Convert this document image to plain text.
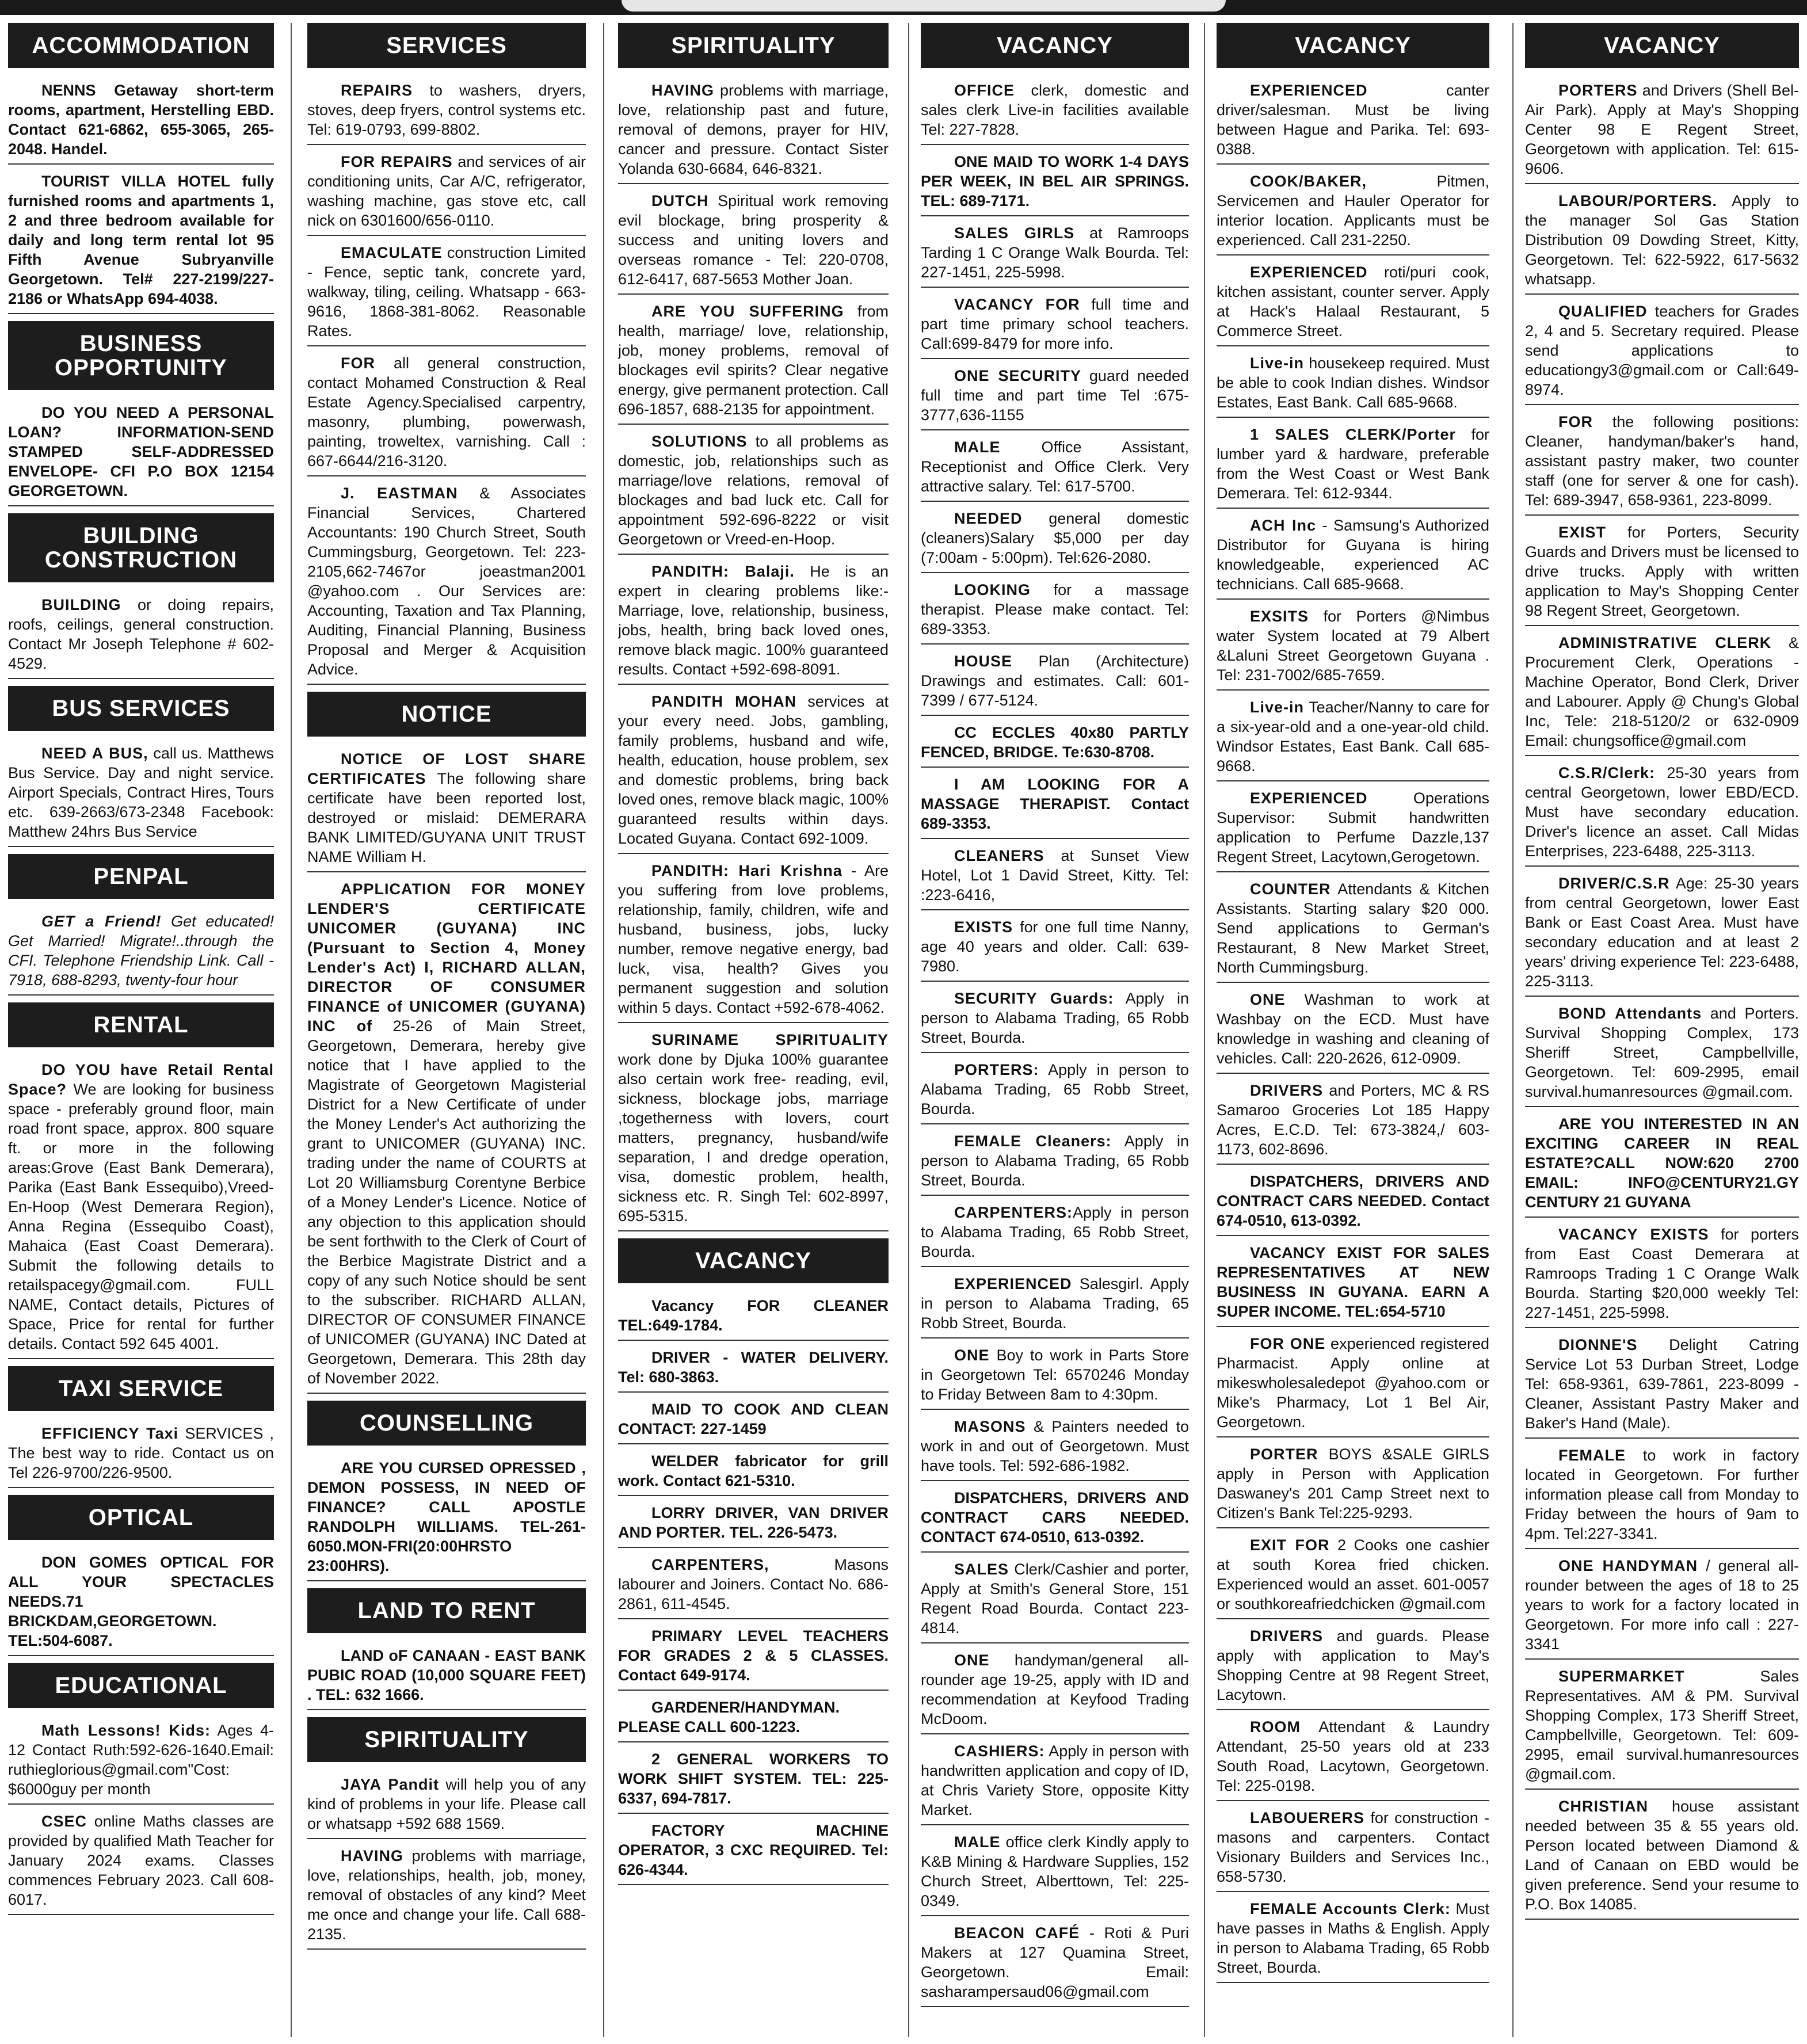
ACCOMMODATION
NENNS Getaway short-term rooms, apartment, Herstelling EBD. Contact 621-6862, 655-3065, 265-2048. Handel.
TOURIST VILLA HOTEL fully furnished rooms and apartments 1, 2 and three bedroom available for daily and long term rental lot 95 Fifth Avenue Subryanville Georgetown. Tel# 227-2199/227-2186 or WhatsApp 694-4038.
BUSINESS OPPORTUNITY
DO YOU NEED A PERSONAL LOAN? INFORMATION-SEND STAMPED SELF-ADDRESSED ENVELOPE- CFI P.O BOX 12154 GEORGETOWN.
BUILDING CONSTRUCTION
BUILDING or doing repairs, roofs, ceilings, general construction. Contact Mr Joseph Telephone # 602-4529.
BUS SERVICES
NEED A BUS, call us. Matthews Bus Service. Day and night service. Airport Specials, Contract Hires, Tours etc. 639-2663/673-2348 Facebook: Matthew 24hrs Bus Service
PENPAL
GET a Friend! Get educated! Get Married! Migrate!..through the CFI. Telephone Friendship Link. Call - 7918, 688-8293, twenty-four hour
RENTAL
DO YOU have Retail Rental Space? We are looking for business space - preferably ground floor, main road front space, approx. 800 square ft. or more in the following areas:Grove (East Bank Demerara), Parika (East Bank Essequibo),Vreed-En-Hoop (West Demerara Region), Anna Regina (Essequibo Coast), Mahaica (East Coast Demerara). Submit the following details to retailspacegy@gmail.com. FULL NAME, Contact details, Pictures of Space, Price for rental for further details. Contact 592 645 4001.
TAXI SERVICE
EFFICIENCY Taxi SERVICES , The best way to ride. Contact us on Tel 226-9700/226-9500.
OPTICAL
DON GOMES OPTICAL FOR ALL YOUR SPECTACLES NEEDS.71 BRICKDAM,GEORGETOWN. TEL:504-6087.
EDUCATIONAL
Math Lessons! Kids: Ages 4-12 Contact Ruth:592-626-1640.Email: ruthieglorious@gmail.com"Cost: $6000guy per month
CSEC online Maths classes are provided by qualified Math Teacher for January 2024 exams. Classes commences February 2023. Call 608-6017.
SERVICES
REPAIRS to washers, dryers, stoves, deep fryers, control systems etc. Tel: 619-0793, 699-8802.
FOR REPAIRS and services of air conditioning units, Car A/C, refrigerator, washing machine, gas stove etc, call nick on 6301600/656-0110.
EMACULATE construction Limited - Fence, septic tank, concrete yard, walkway, tiling, ceiling. Whatsapp - 663-9616, 1868-381-8062. Reasonable Rates.
FOR all general construction, contact Mohamed Construction & Real Estate Agency.Specialised carpentry, masonry, plumbing, powerwash, painting, troweltex, varnishing. Call : 667-6644/216-3120.
J. EASTMAN & Associates Financial Services, Chartered Accountants: 190 Church Street, South Cummingsburg, Georgetown. Tel: 223-2105,662-7467or joeastman2001 @yahoo.com . Our Services are: Accounting, Taxation and Tax Planning, Auditing, Financial Planning, Business Proposal and Merger & Acquisition Advice.
NOTICE
NOTICE OF LOST SHARE CERTIFICATES The following share certificate have been reported lost, destroyed or mislaid: DEMERARA BANK LIMITED/GUYANA UNIT TRUST NAME William H.
APPLICATION FOR MONEY LENDER'S CERTIFICATE UNICOMER (GUYANA) INC (Pursuant to Section 4, Money Lender's Act) I, RICHARD ALLAN, DIRECTOR OF CONSUMER FINANCE of UNICOMER (GUYANA) INC of 25-26 of Main Street, Georgetown, Demerara, hereby give notice that I have applied to the Magistrate of Georgetown Magisterial District for a New Certificate of under the Money Lender's Act authorizing the grant to UNICOMER (GUYANA) INC. trading under the name of COURTS at Lot 20 Williamsburg Corentyne Berbice of a Money Lender's Licence. Notice of any objection to this application should be sent forthwith to the Clerk of Court of the Berbice Magistrate District and a copy of any such Notice should be sent to the subscriber. RICHARD ALLAN, DIRECTOR OF CONSUMER FINANCE of UNICOMER (GUYANA) INC Dated at Georgetown, Demerara. This 28th day of November 2022.
COUNSELLING
ARE YOU CURSED OPRESSED , DEMON POSSESS, IN NEED OF FINANCE? CALL APOSTLE RANDOLPH WILLIAMS. TEL-261-6050.MON-FRI(20:00HRSTO 23:00HRS).
LAND TO RENT
LAND oF CANAAN - EAST BANK PUBIC ROAD (10,000 SQUARE FEET) . TEL: 632 1666.
SPIRITUALITY
JAYA Pandit will help you of any kind of problems in your life. Please call or whatsapp +592 688 1569.
HAVING problems with marriage, love, relationships, health, job, money, removal of obstacles of any kind? Meet me once and change your life. Call 688-2135.
SPIRITUALITY
HAVING problems with marriage, love, relationship past and future, removal of demons, prayer for HIV, cancer and pressure. Contact Sister Yolanda 630-6684, 646-8321.
DUTCH Spiritual work removing evil blockage, bring prosperity & success and uniting lovers and overseas romance - Tel: 220-0708, 612-6417, 687-5653 Mother Joan.
ARE YOU SUFFERING from health, marriage/ love, relationship, job, money problems, removal of blockages evil spirits? Clear negative energy, give permanent protection. Call 696-1857, 688-2135 for appointment.
SOLUTIONS to all problems as domestic, job, relationships such as marriage/love relations, removal of blockages and bad luck etc. Call for appointment 592-696-8222 or visit Georgetown or Vreed-en-Hoop.
PANDITH: Balaji. He is an expert in clearing problems like:- Marriage, love, relationship, business, jobs, health, bring back loved ones, remove black magic. 100% guaranteed results. Contact +592-698-8091.
PANDITH MOHAN services at your every need. Jobs, gambling, family problems, husband and wife, health, education, house problem, sex and domestic problems, bring back loved ones, remove black magic, 100% guaranteed results within days. Located Guyana. Contact 692-1009.
PANDITH: Hari Krishna - Are you suffering from love problems, relationship, family, children, wife and husband, business, jobs, lucky number, remove negative energy, bad luck, visa, health? Gives you permanent suggestion and solution within 5 days. Contact +592-678-4062.
SURINAME SPIRITUALITY work done by Djuka 100% guarantee also certain work free- reading, evil, sickness, blockage jobs, marriage ,togetherness with lovers, court matters, pregnancy, husband/wife separation, I and dredge operation, visa, domestic problem, health, sickness etc. R. Singh Tel: 602-8997, 695-5315.
VACANCY
Vacancy FOR CLEANER TEL:649-1784.
DRIVER - WATER DELIVERY. Tel: 680-3863.
MAID TO COOK AND CLEAN CONTACT: 227-1459
WELDER fabricator for grill work. Contact 621-5310.
LORRY DRIVER, VAN DRIVER AND PORTER. TEL. 226-5473.
CARPENTERS, Masons labourer and Joiners. Contact No. 686-2861, 611-4545.
PRIMARY LEVEL TEACHERS FOR GRADES 2 & 5 CLASSES. Contact 649-9174.
GARDENER/HANDYMAN. PLEASE CALL 600-1223.
2 GENERAL WORKERS TO WORK SHIFT SYSTEM. TEL: 225-6337, 694-7817.
FACTORY MACHINE OPERATOR, 3 CXC REQUIRED. Tel: 626-4344.
VACANCY
OFFICE clerk, domestic and sales clerk Live-in facilities available Tel: 227-7828.
ONE MAID TO WORK 1-4 DAYS PER WEEK, IN BEL AIR SPRINGS. TEL: 689-7171.
SALES GIRLS at Ramroops Tarding 1 C Orange Walk Bourda. Tel: 227-1451, 225-5998.
VACANCY FOR full time and part time primary school teachers. Call:699-8479 for more info.
ONE SECURITY guard needed full time and part time Tel :675-3777,636-1155
MALE Office Assistant, Receptionist and Office Clerk. Very attractive salary. Tel: 617-5700.
NEEDED general domestic (cleaners)Salary $5,000 per day (7:00am - 5:00pm). Tel:626-2080.
LOOKING for a massage therapist. Please make contact. Tel: 689-3353.
HOUSE Plan (Architecture) Drawings and estimates. Call: 601-7399 / 677-5124.
CC ECCLES 40x80 PARTLY FENCED, BRIDGE. Te:630-8708.
I AM LOOKING FOR A MASSAGE THERAPIST. Contact 689-3353.
CLEANERS at Sunset View Hotel, Lot 1 David Street, Kitty. Tel: :223-6416,
EXISTS for one full time Nanny, age 40 years and older. Call: 639-7980.
SECURITY Guards: Apply in person to Alabama Trading, 65 Robb Street, Bourda.
PORTERS: Apply in person to Alabama Trading, 65 Robb Street, Bourda.
FEMALE Cleaners: Apply in person to Alabama Trading, 65 Robb Street, Bourda.
CARPENTERS:Apply in person to Alabama Trading, 65 Robb Street, Bourda.
EXPERIENCED Salesgirl. Apply in person to Alabama Trading, 65 Robb Street, Bourda.
ONE Boy to work in Parts Store in Georgetown Tel: 6570246 Monday to Friday Between 8am to 4:30pm.
MASONS & Painters needed to work in and out of Georgetown. Must have tools. Tel: 592-686-1982.
DISPATCHERS, DRIVERS AND CONTRACT CARS NEEDED. CONTACT 674-0510, 613-0392.
SALES Clerk/Cashier and porter, Apply at Smith's General Store, 151 Regent Road Bourda. Contact 223-4814.
ONE handyman/general all-rounder age 19-25, apply with ID and recommendation at Keyfood Trading McDoom.
CASHIERS: Apply in person with handwritten application and copy of ID, at Chris Variety Store, opposite Kitty Market.
MALE office clerk Kindly apply to K&B Mining & Hardware Supplies, 152 Church Street, Alberttown, Tel: 225-0349.
BEACON CAFÉ - Roti & Puri Makers at 127 Quamina Street, Georgetown. Email: sasharampersaud06@gmail.com
VACANCY
EXPERIENCED canter driver/salesman. Must be living between Hague and Parika. Tel: 693-0388.
COOK/BAKER, Pitmen, Servicemen and Hauler Operator for interior location. Applicants must be experienced. Call 231-2250.
EXPERIENCED roti/puri cook, kitchen assistant, counter server. Apply at Hack's Halaal Restaurant, 5 Commerce Street.
Live-in housekeep required. Must be able to cook Indian dishes. Windsor Estates, East Bank. Call 685-9668.
1 SALES CLERK/Porter for lumber yard & hardware, preferable from the West Coast or West Bank Demerara. Tel: 612-9344.
ACH Inc - Samsung's Authorized Distributor for Guyana is hiring knowledgeable, experienced AC technicians. Call 685-9668.
EXSITS for Porters @Nimbus water System located at 79 Albert &Laluni Street Georgetown Guyana . Tel: 231-7002/685-7659.
Live-in Teacher/Nanny to care for a six-year-old and a one-year-old child. Windsor Estates, East Bank. Call 685-9668.
EXPERIENCED Operations Supervisor: Submit handwritten application to Perfume Dazzle,137 Regent Street, Lacytown,Gerogetown.
COUNTER Attendants & Kitchen Assistants. Starting salary $20 000. Send applications to German's Restaurant, 8 New Market Street, North Cummingsburg.
ONE Washman to work at Washbay on the ECD. Must have knowledge in washing and cleaning of vehicles. Call: 220-2626, 612-0909.
DRIVERS and Porters, MC & RS Samaroo Groceries Lot 185 Happy Acres, E.C.D. Tel: 673-3824,/ 603-1173, 602-8696.
DISPATCHERS, DRIVERS AND CONTRACT CARS NEEDED. Contact 674-0510, 613-0392.
VACANCY EXIST FOR SALES REPRESENTATIVES AT NEW BUSINESS IN GUYANA. EARN A SUPER INCOME. TEL:654-5710
FOR ONE experienced registered Pharmacist. Apply online at mikeswholesaledepot @yahoo.com or Mike's Pharmacy, Lot 1 Bel Air, Georgetown.
PORTER BOYS &SALE GIRLS apply in Person with Application Daswaney's 201 Camp Street next to Citizen's Bank Tel:225-9293.
EXIT FOR 2 Cooks one cashier at south Korea fried chicken. Experienced would an asset. 601-0057 or southkoreafriedchicken @gmail.com
DRIVERS and guards. Please apply with application to May's Shopping Centre at 98 Regent Street, Lacytown.
ROOM Attendant & Laundry Attendant, 25-50 years old at 233 South Road, Lacytown, Georgetown. Tel: 225-0198.
LABOUERERS for construction - masons and carpenters. Contact Visionary Builders and Services Inc., 658-5730.
FEMALE Accounts Clerk: Must have passes in Maths & English. Apply in person to Alabama Trading, 65 Robb Street, Bourda.
VACANCY
PORTERS and Drivers (Shell Bel-Air Park). Apply at May's Shopping Center 98 E Regent Street, Georgetown with application. Tel: 615-9606.
LABOUR/PORTERS. Apply to the manager Sol Gas Station Distribution 09 Dowding Street, Kitty, Georgetown. Tel: 622-5922, 617-5632 whatsapp.
QUALIFIED teachers for Grades 2, 4 and 5. Secretary required. Please send applications to educationgy3@gmail.com or Call:649-8974.
FOR the following positions: Cleaner, handyman/baker's hand, assistant pastry maker, two counter staff (one for server & one for cash). Tel: 689-3947, 658-9361, 223-8099.
EXIST for Porters, Security Guards and Drivers must be licensed to drive trucks. Apply with written application to May's Shopping Center 98 Regent Street, Georgetown.
ADMINISTRATIVE CLERK & Procurement Clerk, Operations - Machine Operator, Bond Clerk, Driver and Labourer. Apply @ Chung's Global Inc, Tele: 218-5120/2 or 632-0909 Email: chungsoffice@gmail.com
C.S.R/Clerk: 25-30 years from central Georgetown, lower EBD/ECD. Must have secondary education. Driver's licence an asset. Call Midas Enterprises, 223-6488, 225-3113.
DRIVER/C.S.R Age: 25-30 years from central Georgetown, lower East Bank or East Coast Area. Must have secondary education and at least 2 years' driving experience Tel: 223-6488, 225-3113.
BOND Attendants and Porters. Survival Shopping Complex, 173 Sheriff Street, Campbellville, Georgetown. Tel: 609-2995, email survival.humanresources @gmail.com.
ARE YOU INTERESTED IN AN EXCITING CAREER IN REAL ESTATE?CALL NOW:620 2700 EMAIL: INFO@CENTURY21.GY CENTURY 21 GUYANA
VACANCY EXISTS for porters from East Coast Demerara at Ramroops Trading 1 C Orange Walk Bourda. Starting $20,000 weekly Tel: 227-1451, 225-5998.
DIONNE'S Delight Catring Service Lot 53 Durban Street, Lodge Tel: 658-9361, 639-7861, 223-8099 - Cleaner, Assistant Pastry Maker and Baker's Hand (Male).
FEMALE to work in factory located in Georgetown. For further information please call from Monday to Friday between the hours of 9am to 4pm. Tel:227-3341.
ONE HANDYMAN / general all-rounder between the ages of 18 to 25 years to work for a factory located in Georgetown. For more info call : 227- 3341
SUPERMARKET Sales Representatives. AM & PM. Survival Shopping Complex, 173 Sheriff Street, Campbellville, Georgetown. Tel: 609-2995, email survival.humanresources @gmail.com.
CHRISTIAN house assistant needed between 35 & 55 years old. Person located between Diamond & Land of Canaan on EBD would be given preference. Send your resume to P.O. Box 14085.
